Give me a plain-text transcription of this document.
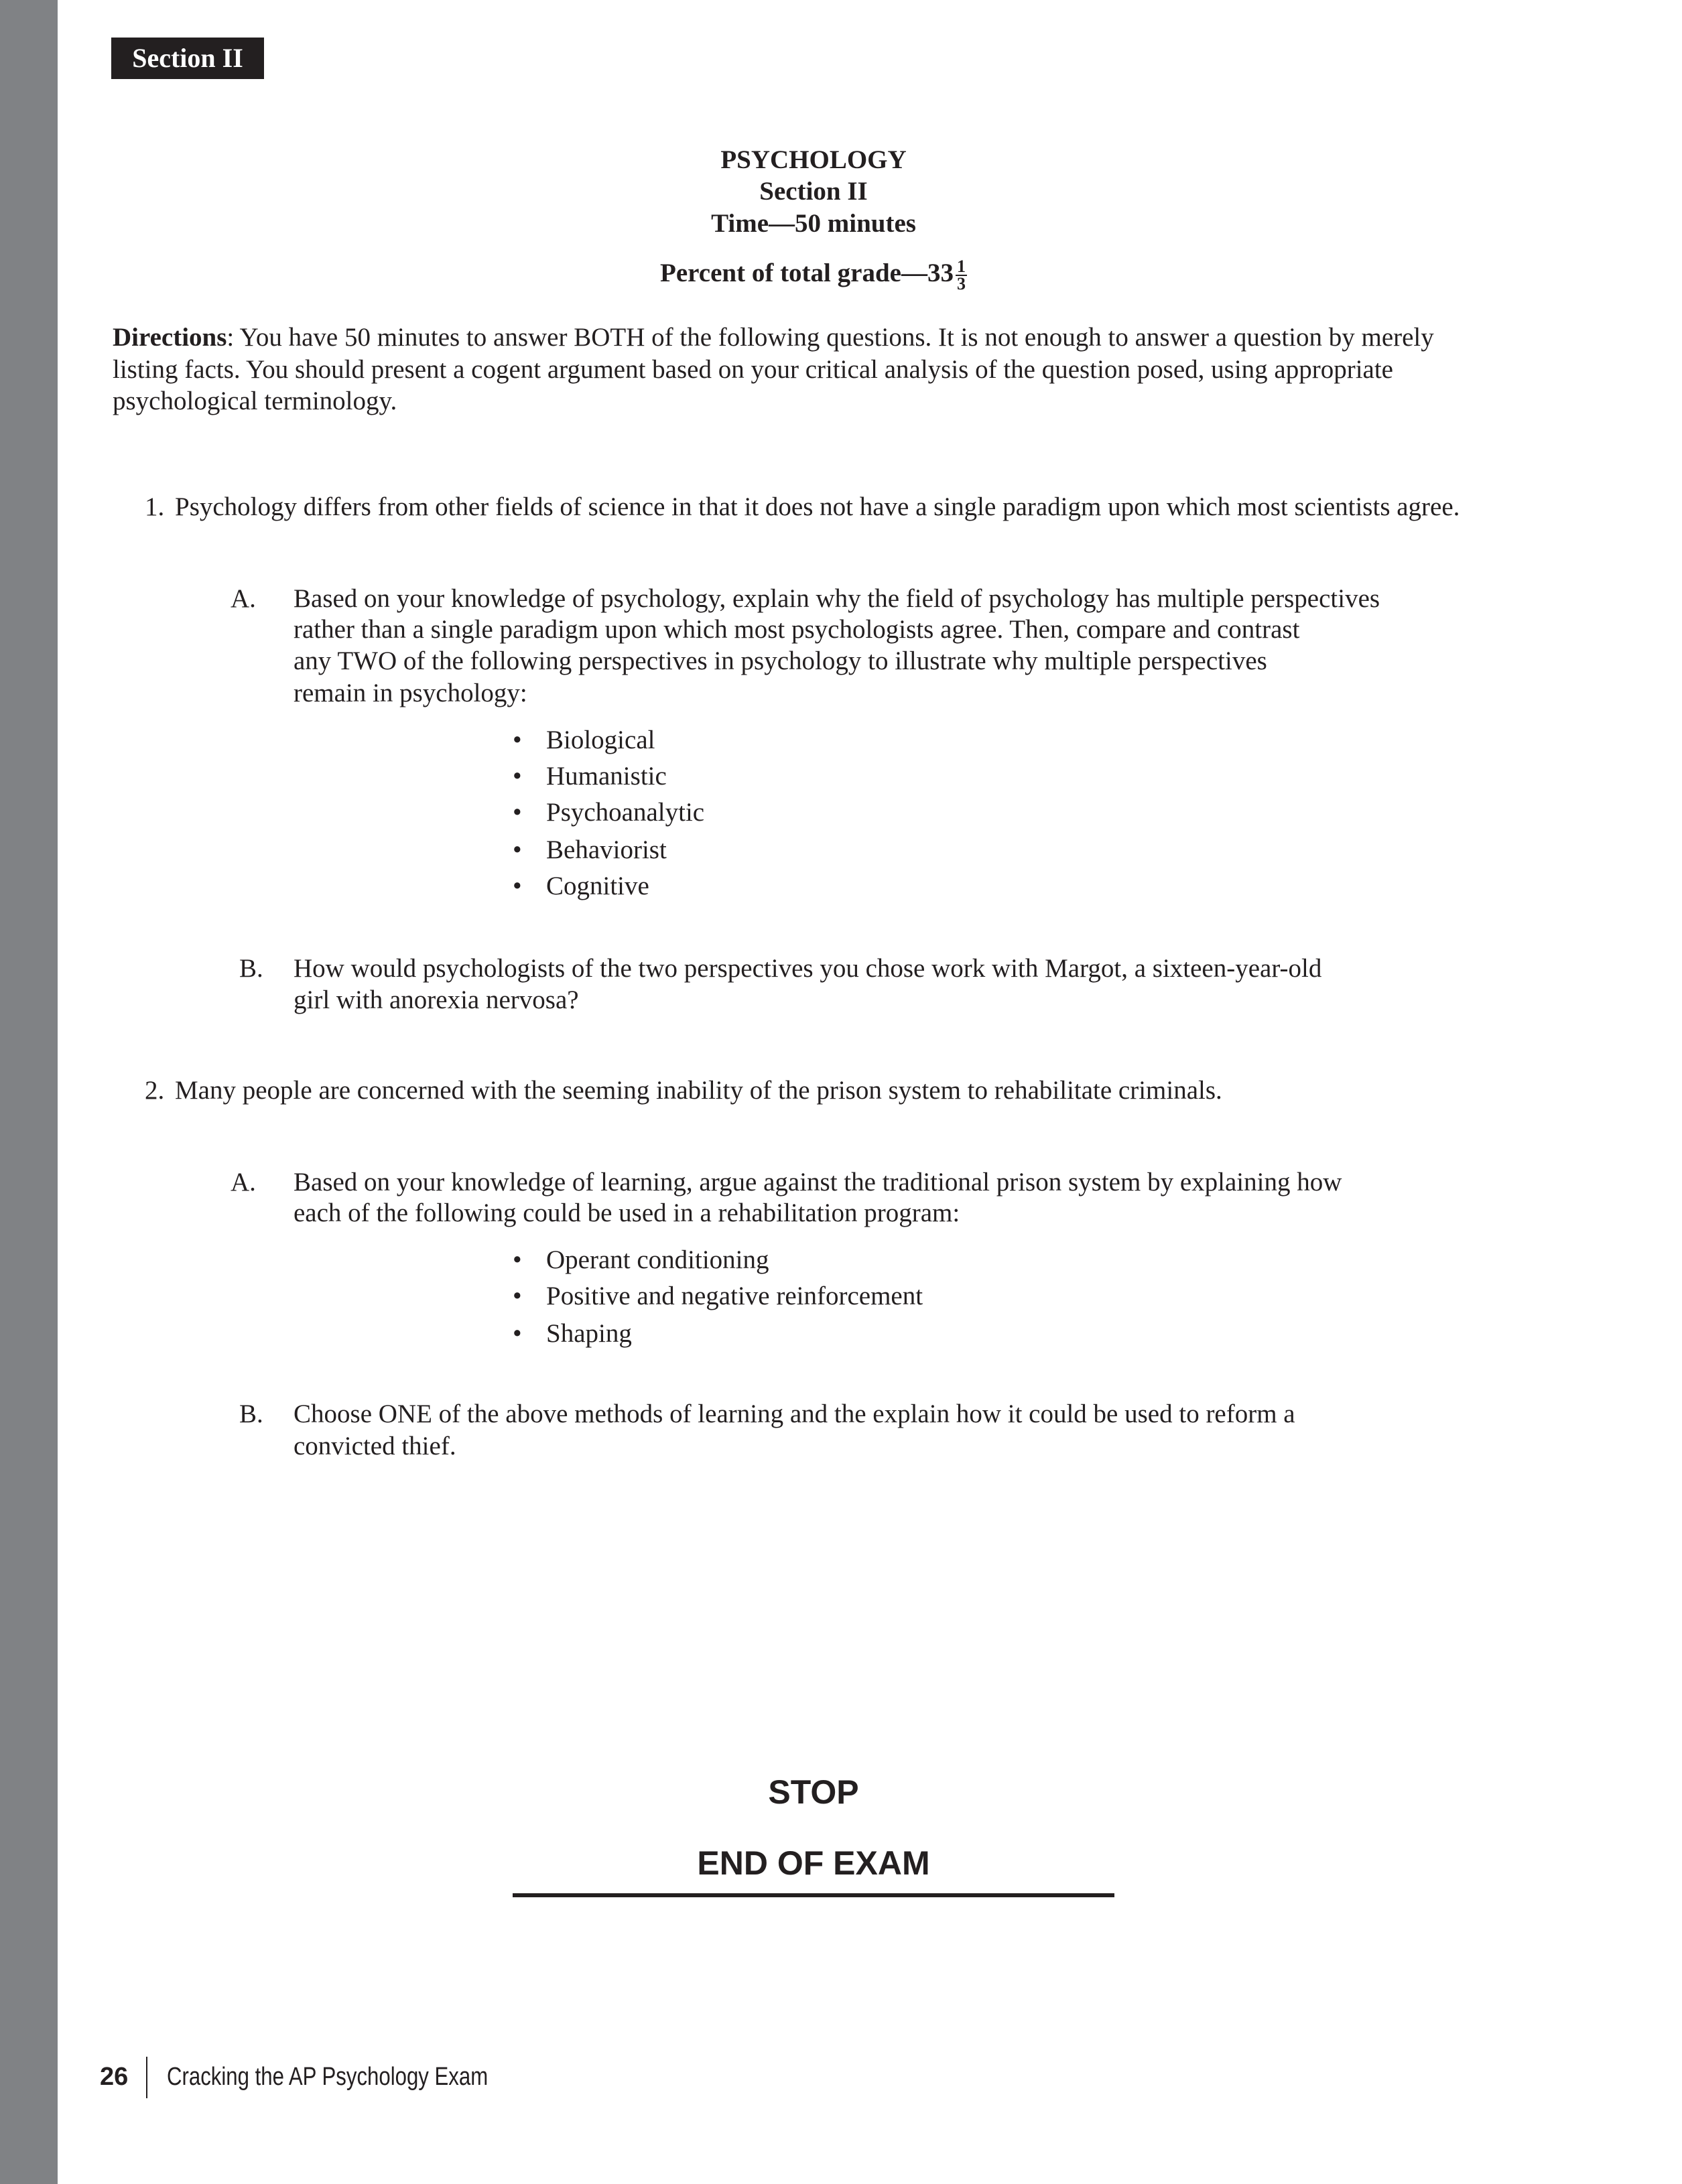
Section II
PSYCHOLOGY
Section II
Time—50 minutes
Percent of total grade—33 $\frac{1}{3}$
Directions: You have 50 minutes to answer BOTH of the following questions. It is not enough to answer a question by merely
listing facts. You should present a cogent argument based on your critical analysis of the question posed, using appropriate
psychological terminology.
1. Psychology differs from other fields of science in that it does not have a single paradigm upon which most scientists agree.
A. Based on your knowledge of psychology, explain why the field of psychology has multiple perspectives
rather than a single paradigm upon which most psychologists agree. Then, compare and contrast
any TWO of the following perspectives in psychology to illustrate why multiple perspectives
remain in psychology:
• Biological
• Humanistic
• Psychoanalytic
• Behaviorist
• Cognitive
B. How would psychologists of the two perspectives you chose work with Margot, a sixteen-year-old
girl with anorexia nervosa?
2. Many people are concerned with the seeming inability of the prison system to rehabilitate criminals.
A. Based on your knowledge of learning, argue against the traditional prison system by explaining how
each of the following could be used in a rehabilitation program:
• Operant conditioning
• Positive and negative reinforcement
• Shaping
B. Choose ONE of the above methods of learning and the explain how it could be used to reform a
convicted thief.
STOP
END OF EXAM
26 Cracking the AP Psychology Exam
